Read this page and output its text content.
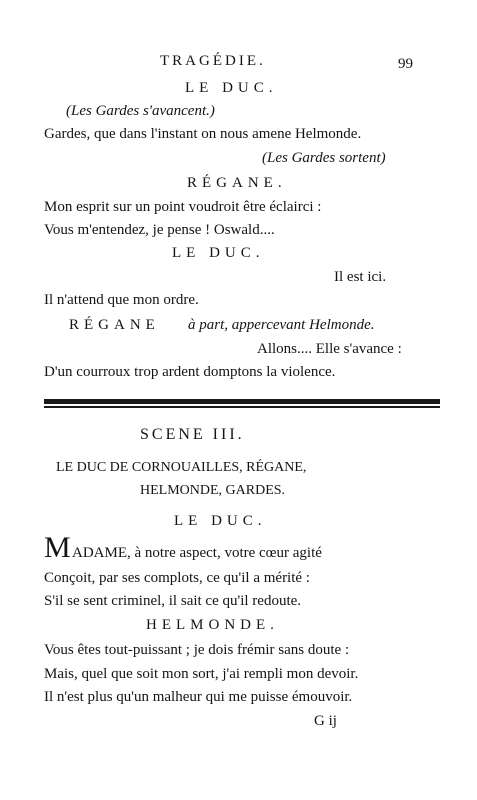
TRAGÉDIE.	99
LE DUC.
(Les Gardes s'avancent.)
Gardes, que dans l'instant on nous amene Helmonde.
(Les Gardes sortent)
RÉGANE.
Mon esprit sur un point voudroit être éclairci :
Vous m'entendez, je pense ! Oswald....
LE DUC.
Il est ici.
Il n'attend que mon ordre.
RÉGANE à part, appercevant Helmonde.
Allons.... Elle s'avance :
D'un courroux trop ardent domptons la violence.
SCENE III.
LE DUC DE CORNOUAILLES, RÉGANE,
HELMONDE, GARDES.
LE DUC.
M ADAME, à notre aspect, votre cœur agité
Conçoit, par ses complots, ce qu'il a mérité :
S'il se sent criminel, il sait ce qu'il redoute.
HELMONDE.
Vous êtes tout-puissant ; je dois frémir sans doute :
Mais, quel que soit mon sort, j'ai rempli mon devoir.
Il n'est plus qu'un malheur qui me puisse émouvoir.
G ij
